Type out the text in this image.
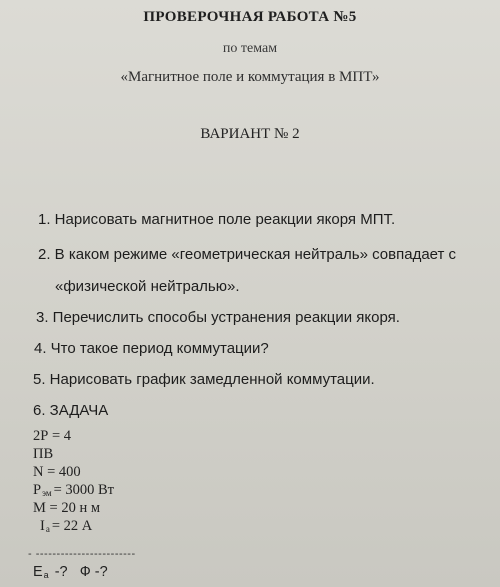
ПРОВЕРОЧНАЯ РАБОТА №5
по темам
«Магнитное поле и коммутация в МПТ»
ВАРИАНТ № 2
1. Нарисовать магнитное поле реакции якоря МПТ.
2. В каком режиме «геометрическая нейтраль» совпадает с
«физической нейтралью».
3. Перечислить способы устранения реакции якоря.
4. Что такое период коммутации?
5. Нарисовать график замедленной коммутации.
6. ЗАДАЧА
2Р = 4
ПВ
N = 400
$Р_{эм} = 3000$ Вт
М = 20 н м
$I_а = 22$ А
- ------------------------
$Е_а$ -?   Ф -?
